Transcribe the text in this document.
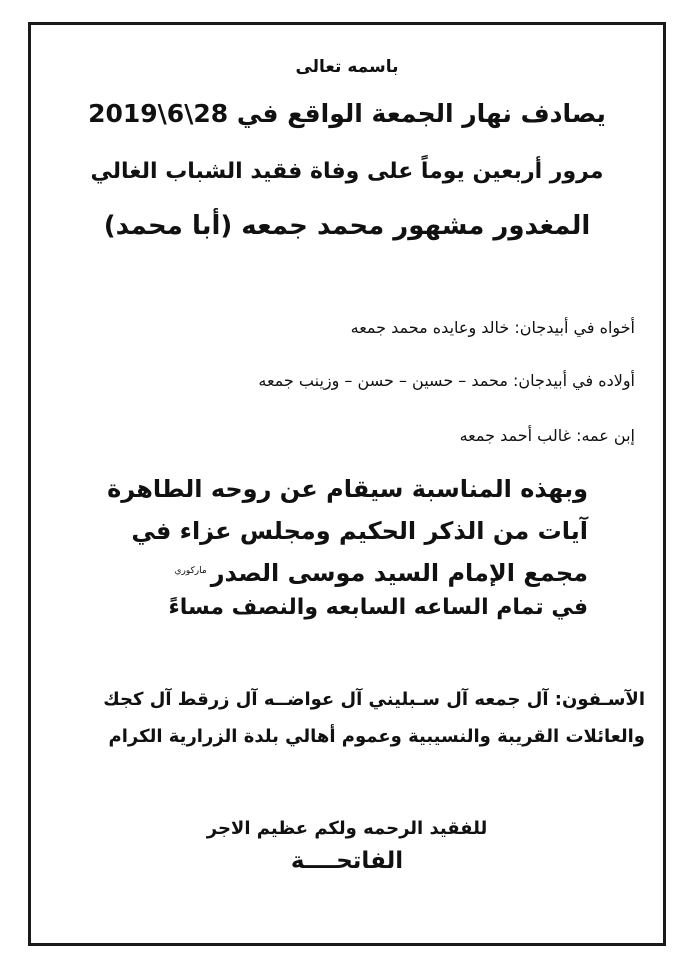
باسمه تعالى
يصادف نهار الجمعة الواقع في 28\6\2019
مرور أربعين يوماً على وفاة فقيد الشباب الغالي
المغدور مشهور محمد جمعه (أبا محمد)
أخواه في أبيدجان: خالد وعايده محمد جمعه
أولاده في أبيدجان: محمد – حسين – حسن – وزينب جمعه
إبن عمه: غالب أحمد جمعه
وبهذه المناسبة سيقام عن روحه الطاهرة
آيات من الذكر الحكيم ومجلس عزاء في
مجمع الإمام السيد موسى الصدر$^{ماركوري}$
في تمام الساعه السابعه والنصف مساءً
الآسـفون: آل جمعه آل سـبليني آل عواضــه آل زرقط آل كجك
والعائلات القريبة والنسيبية وعموم أهالي بلدة الزرارية الكرام
للفقيد الرحمه ولكم عظيم الاجر
الفاتحــــة
